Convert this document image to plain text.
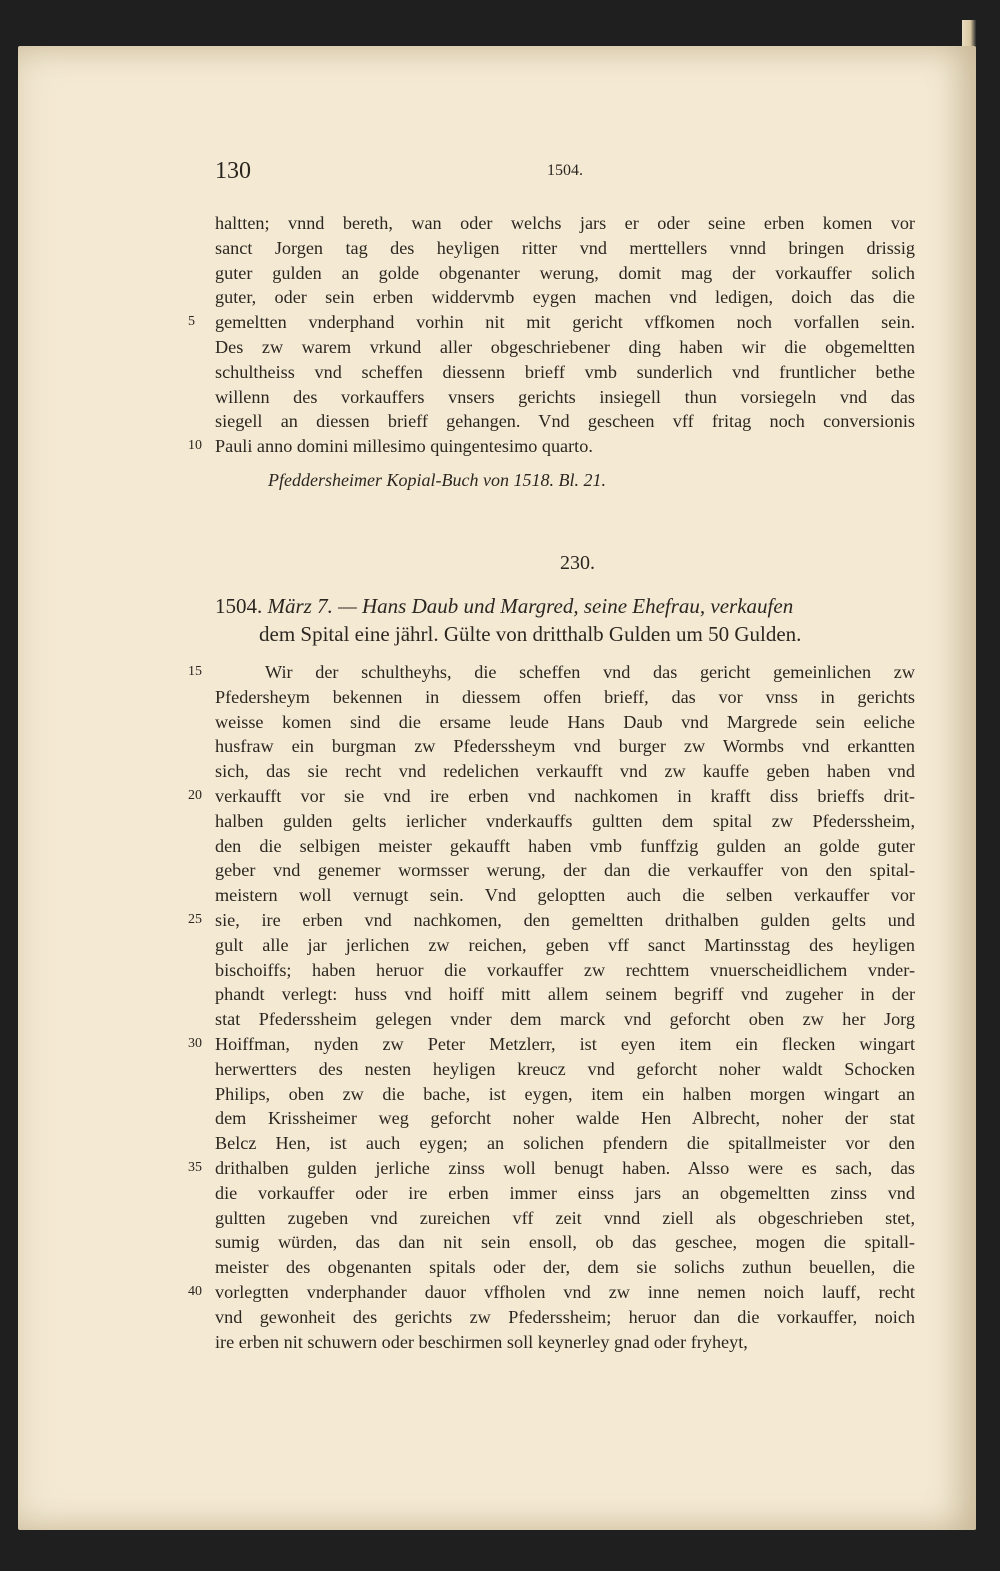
130	1504.
haltten; vnnd bereth, wan oder welchs jars er oder seine erben komen vor
sanct Jorgen tag des heyligen ritter vnd merttellers vnnd bringen drissig
guter gulden an golde obgenanter werung, domit mag der vorkauffer solich
guter, oder sein erben widdervmb eygen machen vnd ledigen, doich das die
5 gemeltten vnderphand vorhin nit mit gericht vffkomen noch vorfallen sein.
Des zw warem vrkund aller obgeschriebener ding haben wir die obgemeltten
schultheiss vnd scheffen diessenn brieff vmb sunderlich vnd fruntlicher bethe
willenn des vorkauffers vnsers gerichts insiegell thun vorsiegeln vnd das
siegell an diessen brieff gehangen. Vnd gescheen vff fritag noch conversionis
10 Pauli anno domini millesimo quingentesimo quarto.
Pfeddersheimer Kopial-Buch von 1518. Bl. 21.
230.
1504. März 7. — Hans Daub und Margred, seine Ehefrau, verkaufen
dem Spital eine jährl. Gülte von dritthalb Gulden um 50 Gulden.
15	Wir der schultheyhs, die scheffen vnd das gericht gemeinlichen zw
Pfedersheym bekennen in diessem offen brieff, das vor vnss in gerichts
weisse komen sind die ersame leude Hans Daub vnd Margrede sein eeliche
husfraw ein burgman zw Pfederssheym vnd burger zw Wormbs vnd erkantten
sich, das sie recht vnd redelichen verkaufft vnd zw kauffe geben haben vnd
20 verkaufft vor sie vnd ire erben vnd nachkomen in krafft diss brieffs drit-
halben gulden gelts ierlicher vnderkauffs gultten dem spital zw Pfederssheim,
den die selbigen meister gekaufft haben vmb funffzig gulden an golde guter
geber vnd genemer wormsser werung, der dan die verkauffer von den spital-
meistern woll vernugt sein. Vnd geloptten auch die selben verkauffer vor
25 sie, ire erben vnd nachkomen, den gemeltten drithalben gulden gelts und
gult alle jar jerlichen zw reichen, geben vff sanct Martinsstag des heyligen
bischoiffs; haben heruor die vorkauffer zw rechttem vnuerscheidlichem vnder-
phandt verlegt: huss vnd hoiff mitt allem seinem begriff vnd zugeher in der
stat Pfederssheim gelegen vnder dem marck vnd geforcht oben zw her Jorg
30 Hoiffman, nyden zw Peter Metzlerr, ist eyen item ein flecken wingart
herwertters des nesten heyligen kreucz vnd geforcht noher waldt Schocken
Philips, oben zw die bache, ist eygen, item ein halben morgen wingart an
dem Krissheimer weg geforcht noher walde Hen Albrecht, noher der stat
Belcz Hen, ist auch eygen; an solichen pfendern die spitallmeister vor den
35 drithalben gulden jerliche zinss woll benugt haben. Alsso were es sach, das
die vorkauffer oder ire erben immer einss jars an obgemeltten zinss vnd
gultten zugeben vnd zureichen vff zeit vnnd ziell als obgeschrieben stet,
sumig würden, das dan nit sein ensoll, ob das geschee, mogen die spitall-
meister des obgenanten spitals oder der, dem sie solichs zuthun beuellen, die
40 vorlegtten vnderphander dauor vffholen vnd zw inne nemen noich lauff, recht
vnd gewonheit des gerichts zw Pfederssheim; heruor dan die vorkauffer, noich
ire erben nit schuwern oder beschirmen soll keynerley gnad oder fryheyt,
